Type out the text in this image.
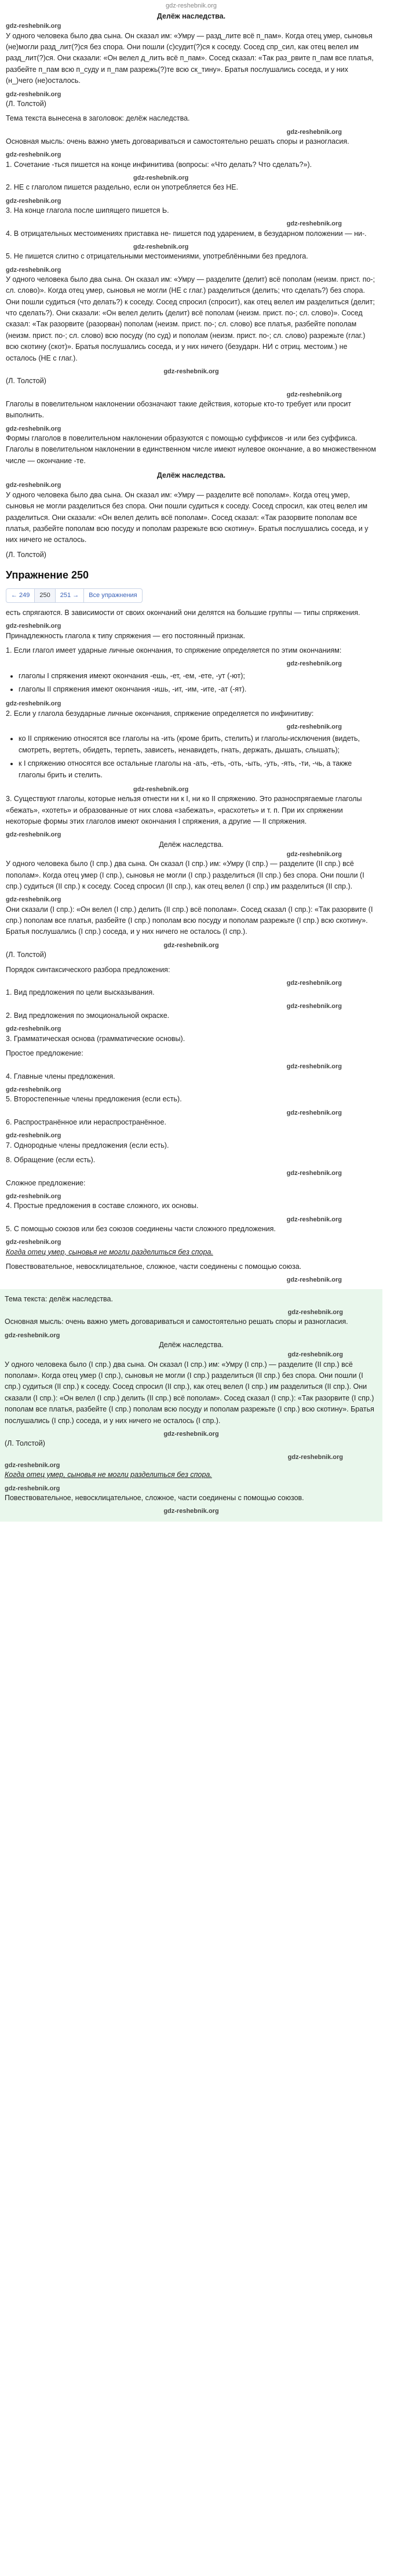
gdz-reshebnik.org
Делёж наследства.
gdz-reshebnik.org

У одного человека было два сына. Он сказал им: «Умру — разд_лите всё п_пам». Когда отец умер, сыновья (не)могли разд_лит(?)ся без спора. Они пошли (с)судит(?)ся к соседу. Сосед спр_сил, как отец велел им разд_лит(?)ся. Они сказали: «Он велел д_лить всё п_пам». Сосед сказал: «Так раз_рвите п_пам все платья, разбейте п_пам всю п_суду и п_пам разрежь(?)те всю ск_тину». Братья послушались соседа, и у них (н_)чего (не)осталось.

gdz-reshebnik.org

(Л. Толстой)

Тема текста вынесена в заголовок: делёж наследства.

gdz-reshebnik.org

Основная мысль: очень важно уметь договариваться и самостоятельно решать споры и разногласия.

gdz-reshebnik.org

1. Сочетание -ться пишется на конце инфинитива (вопросы: «Что делать? Что сделать?»).

gdz-reshebnik.org

2. НЕ с глаголом пишется раздельно, если он употребляется без НЕ.

gdz-reshebnik.org

3. На конце глагола после шипящего пишется Ь.

gdz-reshebnik.org

4. В отрицательных местоимениях приставка не- пишется под ударением, в безударном положении — ни-.

gdz-reshebnik.org

5. Не пишется слитно с отрицательными местоимениями, употреблёнными без предлога.

gdz-reshebnik.org

У одного человека было два сына. Он сказал им: «Умру — разделите (делит) всё пополам (неизм. прист. по-; сл. слово)». Когда отец умер, сыновья не могли (НЕ с глаг.) разделиться (делить; что сделать?) без спора. Они пошли судиться (что делать?) к соседу. Сосед спросил (спросит), как отец велел им разделиться (делит; что сделать?). Они сказали: «Он велел делить (делит) всё пополам (неизм. прист. по-; сл. слово)». Сосед сказал: «Так разорвите (разорван) пополам (неизм. прист. по-; сл. слово) все платья, разбейте пополам (неизм. прист. по-; сл. слово) всю посуду (по суд) и пополам (неизм. прист. по-; сл. слово) разрежьте (глаг.) всю скотину (скот)». Братья послушались соседа, и у них ничего (безударн. НИ с отриц. местоим.) не осталось (НЕ с глаг.).

gdz-reshebnik.org

(Л. Толстой)

gdz-reshebnik.org

Глаголы в повелительном наклонении обозначают такие действия, которые кто-то требует или просит выполнить.

gdz-reshebnik.org

Формы глаголов в повелительном наклонении образуются с помощью суффиксов -и или без суффикса. Глаголы в повелительном наклонении в единственном числе имеют нулевое окончание, а во множественном числе — окончание -те.

Делёж наследства.
gdz-reshebnik.org

У одного человека было два сына. Он сказал им: «Умру — разделите всё пополам». Когда отец умер, сыновья не могли разделиться без спора. Они пошли судиться к соседу. Сосед спросил, как отец велел им разделиться. Они сказали: «Он велел делить всё пополам». Сосед сказал: «Так разорвите пополам все платья, разбейте пополам всю посуду и пополам разрежьте всю скотину». Братья послушались соседа, и у них ничего не осталось.

(Л. Толстой)

Упражнение 250
← 249	250	251 →	Все упражнения

есть спрягаются. В зависимости от своих окончаний они делятся на большие группы — типы спряжения.

gdz-reshebnik.org

Принадлежность глагола к типу спряжения — его постоянный признак.

1. Если глагол имеет ударные личные окончания, то спряжение определяется по этим окончаниям:

gdz-reshebnik.org
• глаголы I спряжения имеют окончания -ешь, -ет, -ем, -ете, -ут (-ют);
• глаголы II спряжения имеют окончания -ишь, -ит, -им, -ите, -ат (-ят).
gdz-reshebnik.org

2. Если у глагола безударные личные окончания, спряжение определяется по инфинитиву:

gdz-reshebnik.org
• ко II спряжению относятся все глаголы на -ить (кроме брить, стелить) и глаголы-исключения (видеть, смотреть, вертеть, обидеть, терпеть, зависеть, ненавидеть, гнать, держать, дышать, слышать);
• к I спряжению относятся все остальные глаголы на -ать, -еть, -оть, -ыть, -уть, -ять, -ти, -чь, а также глаголы брить и стелить.
gdz-reshebnik.org

3. Существуют глаголы, которые нельзя отнести ни к I, ни ко II спряжению. Это разноспрягаемые глаголы «бежать», «хотеть» и образованные от них слова «забежать», «расхотеть» и т. п. При их спряжении некоторые формы этих глаголов имеют окончания I спряжения, а другие — II спряжения.

gdz-reshebnik.org
Делёж наследства.
gdz-reshebnik.org

У одного человека было (I спр.) два сына. Он сказал (I спр.) им: «Умру (I спр.) — разделите (II спр.) всё пополам». Когда отец умер (I спр.), сыновья не могли (I спр.) разделиться (II спр.) без спора. Они пошли (I спр.) судиться (II спр.) к соседу. Сосед спросил (II спр.), как отец велел (I спр.) им разделиться (II спр.).

gdz-reshebnik.org

Они сказали (I спр.): «Он велел (I спр.) делить (II спр.) всё пополам». Сосед сказал (I спр.): «Так разорвите (I спр.) пополам все платья, разбейте (I спр.) пополам всю посуду и пополам разрежьте (I спр.) всю скотину». Братья послушались (I спр.) соседа, и у них ничего не осталось (I спр.).

gdz-reshebnik.org

(Л. Толстой)

Порядок синтаксического разбора предложения:

gdz-reshebnik.org

1. Вид предложения по цели высказывания.

gdz-reshebnik.org

2. Вид предложения по эмоциональной окраске.

gdz-reshebnik.org

3. Грамматическая основа (грамматические основы).

Простое предложение:

gdz-reshebnik.org

4. Главные члены предложения.

gdz-reshebnik.org

5. Второстепенные члены предложения (если есть).

gdz-reshebnik.org

6. Распространённое или нераспространённое.

gdz-reshebnik.org

7. Однородные члены предложения (если есть).

8. Обращение (если есть).

gdz-reshebnik.org

Сложное предложение:

gdz-reshebnik.org

4. Простые предложения в составе сложного, их основы.

gdz-reshebnik.org

5. С помощью союзов или без союзов соединены части сложного предложения.

gdz-reshebnik.org

Когда отец умер, сыновья не могли разделиться без спора.

Повествовательное, невосклицательное, сложное, части соединены с помощью союза.

gdz-reshebnik.org

Тема текста: делёж наследства.

gdz-reshebnik.org

Основная мысль: очень важно уметь договариваться и самостоятельно решать споры и разногласия.

gdz-reshebnik.org
Делёж наследства.
gdz-reshebnik.org

У одного человека было (I спр.) два сына. Он сказал (I спр.) им: «Умру (I спр.) — разделите (II спр.) всё пополам». Когда отец умер (I спр.), сыновья не могли (I спр.) разделиться (II спр.) без спора. Они пошли (I спр.) судиться (II спр.) к соседу. Сосед спросил (II спр.), как отец велел (I спр.) им разделиться (II спр.). Они сказали (I спр.): «Он велел (I спр.) делить (II спр.) всё пополам». Сосед сказал (I спр.): «Так разорвите (I спр.) пополам все платья, разбейте (I спр.) пополам всю посуду и пополам разрежьте (I спр.) всю скотину». Братья послушались (I спр.) соседа, и у них ничего не осталось (I спр.).

gdz-reshebnik.org

(Л. Толстой)

gdz-reshebnik.org
gdz-reshebnik.org

Когда отец умер, сыновья не могли разделиться без спора.

gdz-reshebnik.org

Повествовательное, невосклицательное, сложное, части соединены с помощью союзов.

gdz-reshebnik.org
